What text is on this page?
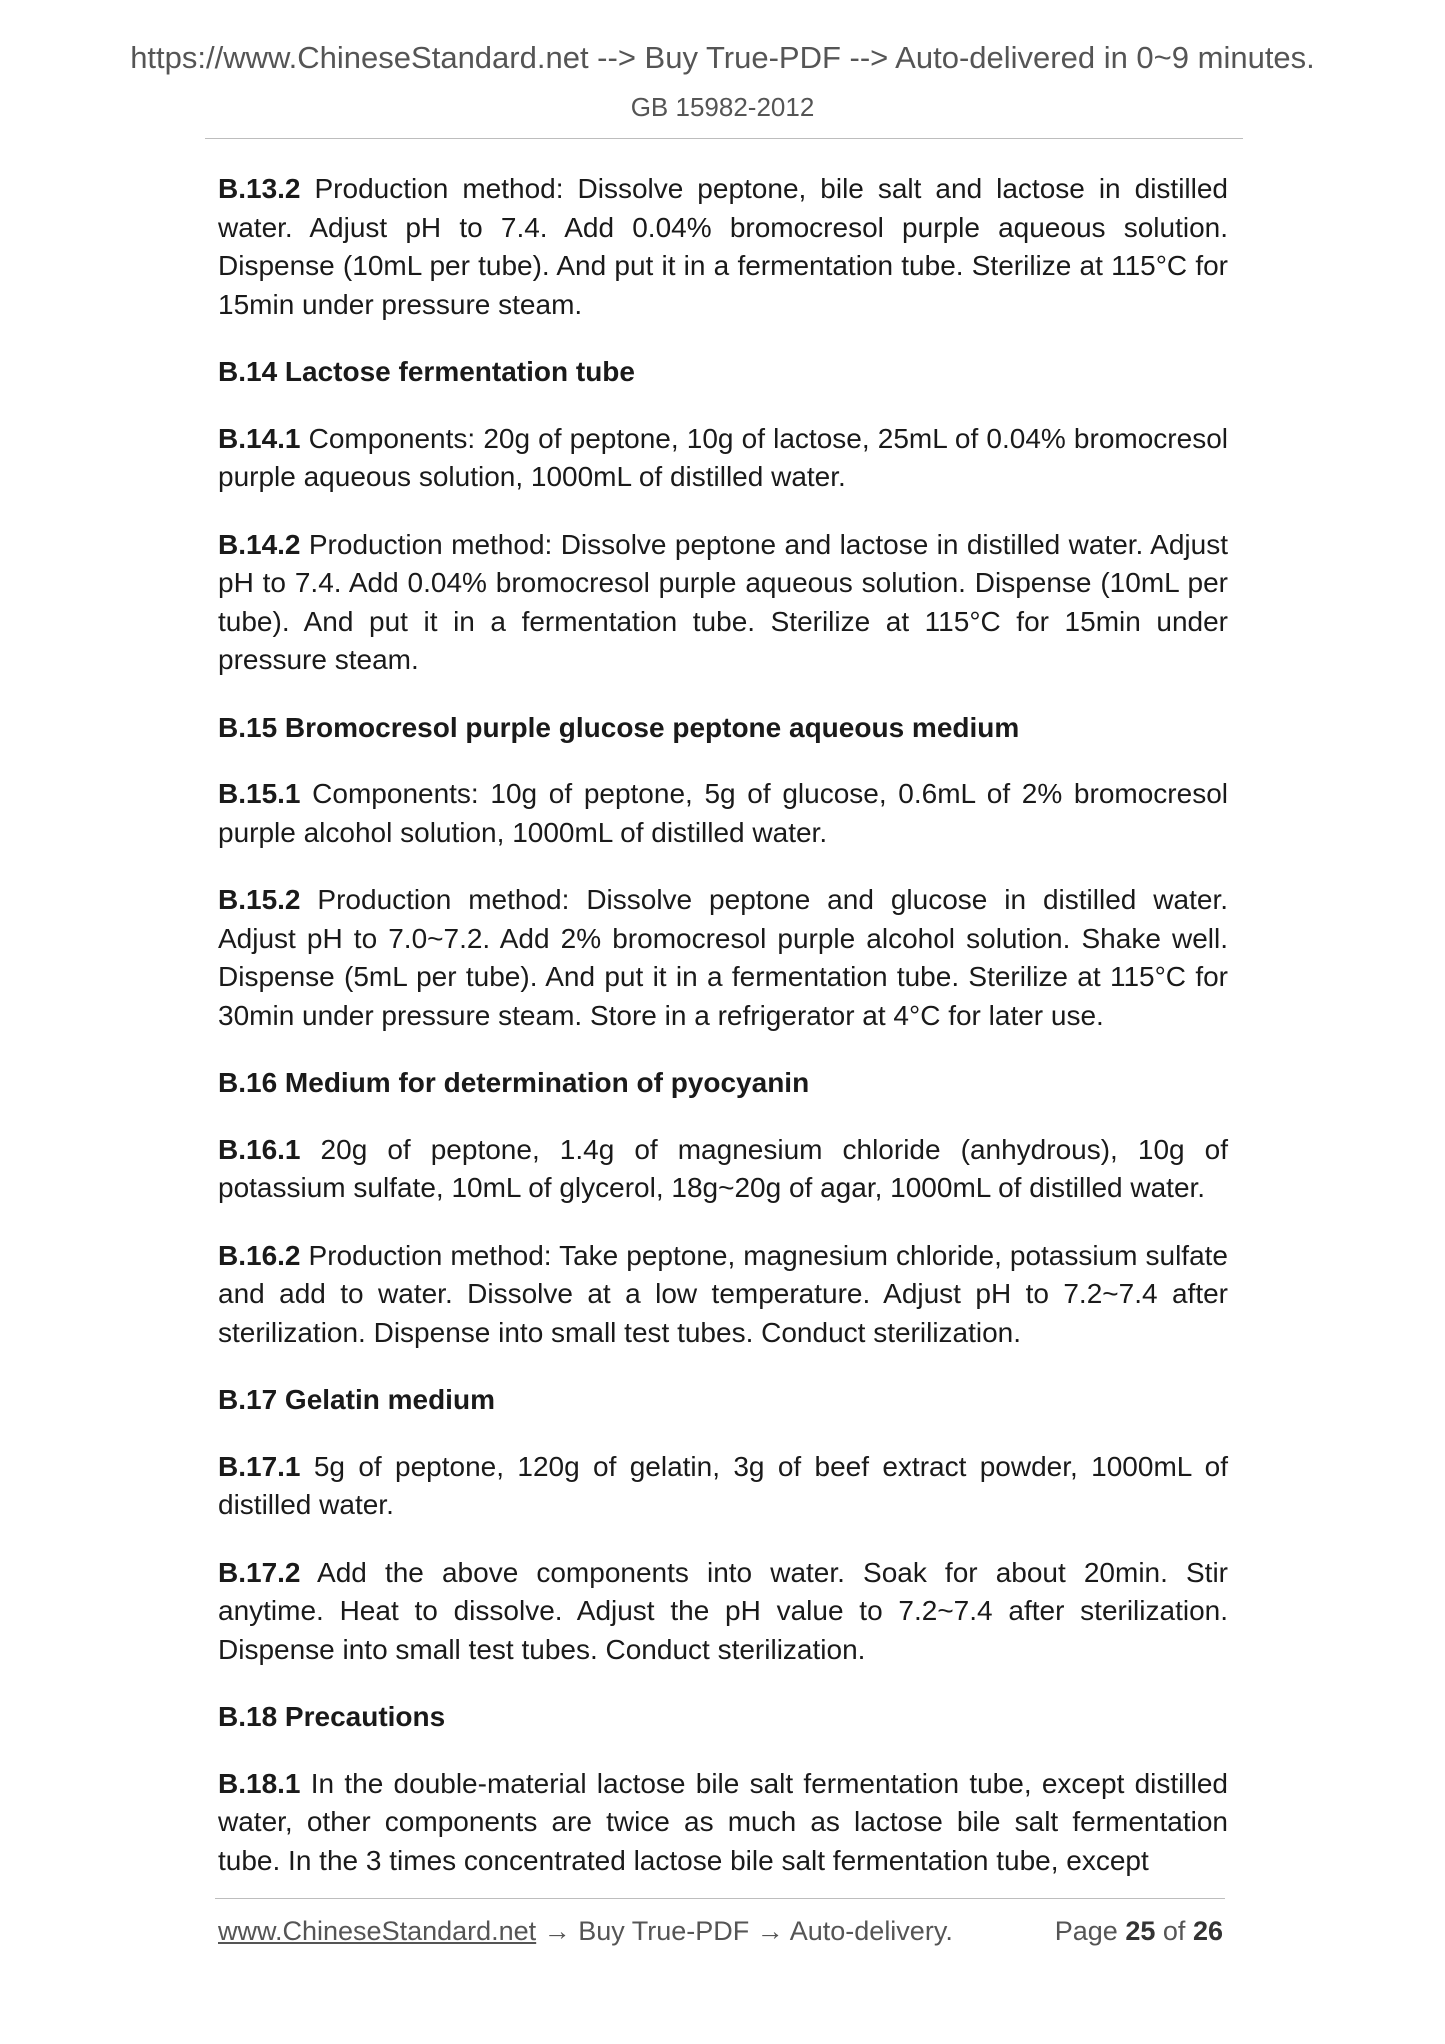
https://www.ChineseStandard.net --> Buy True-PDF --> Auto-delivered in 0~9 minutes.
GB 15982-2012

B.13.2 Production method: Dissolve peptone, bile salt and lactose in distilled water. Adjust pH to 7.4. Add 0.04% bromocresol purple aqueous solution. Dispense (10mL per tube). And put it in a fermentation tube. Sterilize at 115°C for 15min under pressure steam.

B.14 Lactose fermentation tube

B.14.1 Components: 20g of peptone, 10g of lactose, 25mL of 0.04% bromocresol purple aqueous solution, 1000mL of distilled water.

B.14.2 Production method: Dissolve peptone and lactose in distilled water. Adjust pH to 7.4. Add 0.04% bromocresol purple aqueous solution. Dispense (10mL per tube). And put it in a fermentation tube. Sterilize at 115°C for 15min under pressure steam.

B.15 Bromocresol purple glucose peptone aqueous medium

B.15.1 Components: 10g of peptone, 5g of glucose, 0.6mL of 2% bromocresol purple alcohol solution, 1000mL of distilled water.

B.15.2 Production method: Dissolve peptone and glucose in distilled water. Adjust pH to 7.0~7.2. Add 2% bromocresol purple alcohol solution. Shake well. Dispense (5mL per tube). And put it in a fermentation tube. Sterilize at 115°C for 30min under pressure steam. Store in a refrigerator at 4°C for later use.

B.16 Medium for determination of pyocyanin

B.16.1 20g of peptone, 1.4g of magnesium chloride (anhydrous), 10g of potassium sulfate, 10mL of glycerol, 18g~20g of agar, 1000mL of distilled water.

B.16.2 Production method: Take peptone, magnesium chloride, potassium sulfate and add to water. Dissolve at a low temperature. Adjust pH to 7.2~7.4 after sterilization. Dispense into small test tubes. Conduct sterilization.

B.17 Gelatin medium

B.17.1 5g of peptone, 120g of gelatin, 3g of beef extract powder, 1000mL of distilled water.

B.17.2 Add the above components into water. Soak for about 20min. Stir anytime. Heat to dissolve. Adjust the pH value to 7.2~7.4 after sterilization. Dispense into small test tubes. Conduct sterilization.

B.18 Precautions

B.18.1 In the double-material lactose bile salt fermentation tube, except distilled water, other components are twice as much as lactose bile salt fermentation tube. In the 3 times concentrated lactose bile salt fermentation tube, except

www.ChineseStandard.net → Buy True-PDF → Auto-delivery.	Page 25 of 26
